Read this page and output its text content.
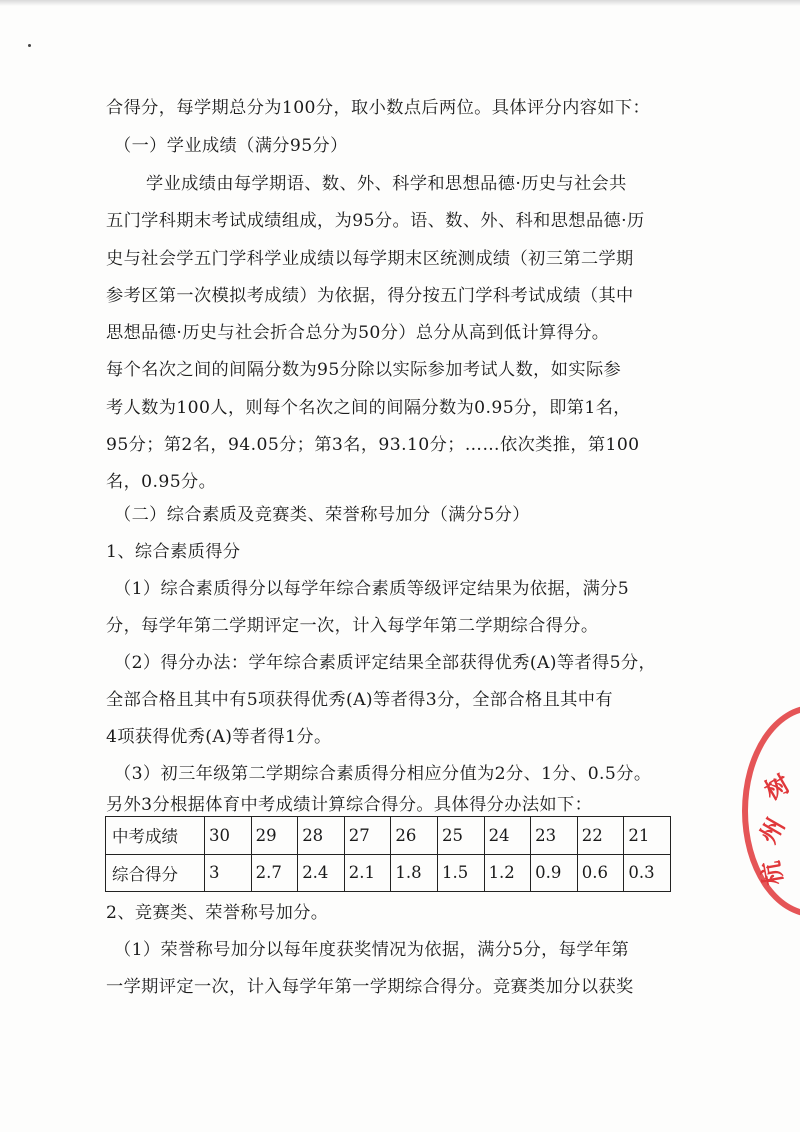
合得分，每学期总分为100分，取小数点后两位。具体评分内容如下：
（一）学业成绩（满分95分）
学业成绩由每学期语、数、外、科学和思想品德·历史与社会共
五门学科期末考试成绩组成，为95分。语、数、外、科和思想品德·历
史与社会学五门学科学业成绩以每学期末区统测成绩（初三第二学期
参考区第一次模拟考成绩）为依据，得分按五门学科考试成绩（其中
思想品德·历史与社会折合总分为50分）总分从高到低计算得分。
每个名次之间的间隔分数为95分除以实际参加考试人数，如实际参
考人数为100人，则每个名次之间的间隔分数为0.95分，即第1名，
95分；第2名，94.05分；第3名，93.10分；……依次类推，第100
名，0.95分。
（二）综合素质及竞赛类、荣誉称号加分（满分5分）
1、综合素质得分
（1）综合素质得分以每学年综合素质等级评定结果为依据，满分5
分，每学年第二学期评定一次，计入每学年第二学期综合得分。
（2）得分办法：学年综合素质评定结果全部获得优秀(A)等者得5分，
全部合格且其中有5项获得优秀(A)等者得3分，全部合格且其中有
4项获得优秀(A)等者得1分。
（3）初三年级第二学期综合素质得分相应分值为2分、1分、0.5分。
另外3分根据体育中考成绩计算综合得分。具体得分办法如下：
中考成绩	30	29	28	27	26	25	24	23	22	21
综合得分	3	2.7	2.4	2.1	1.8	1.5	1.2	0.9	0.6	0.3
2、竞赛类、荣誉称号加分。
（1）荣誉称号加分以每年度获奖情况为依据，满分5分，每学年第
一学期评定一次，计入每学年第一学期综合得分。竞赛类加分以获奖
树
州
杭
